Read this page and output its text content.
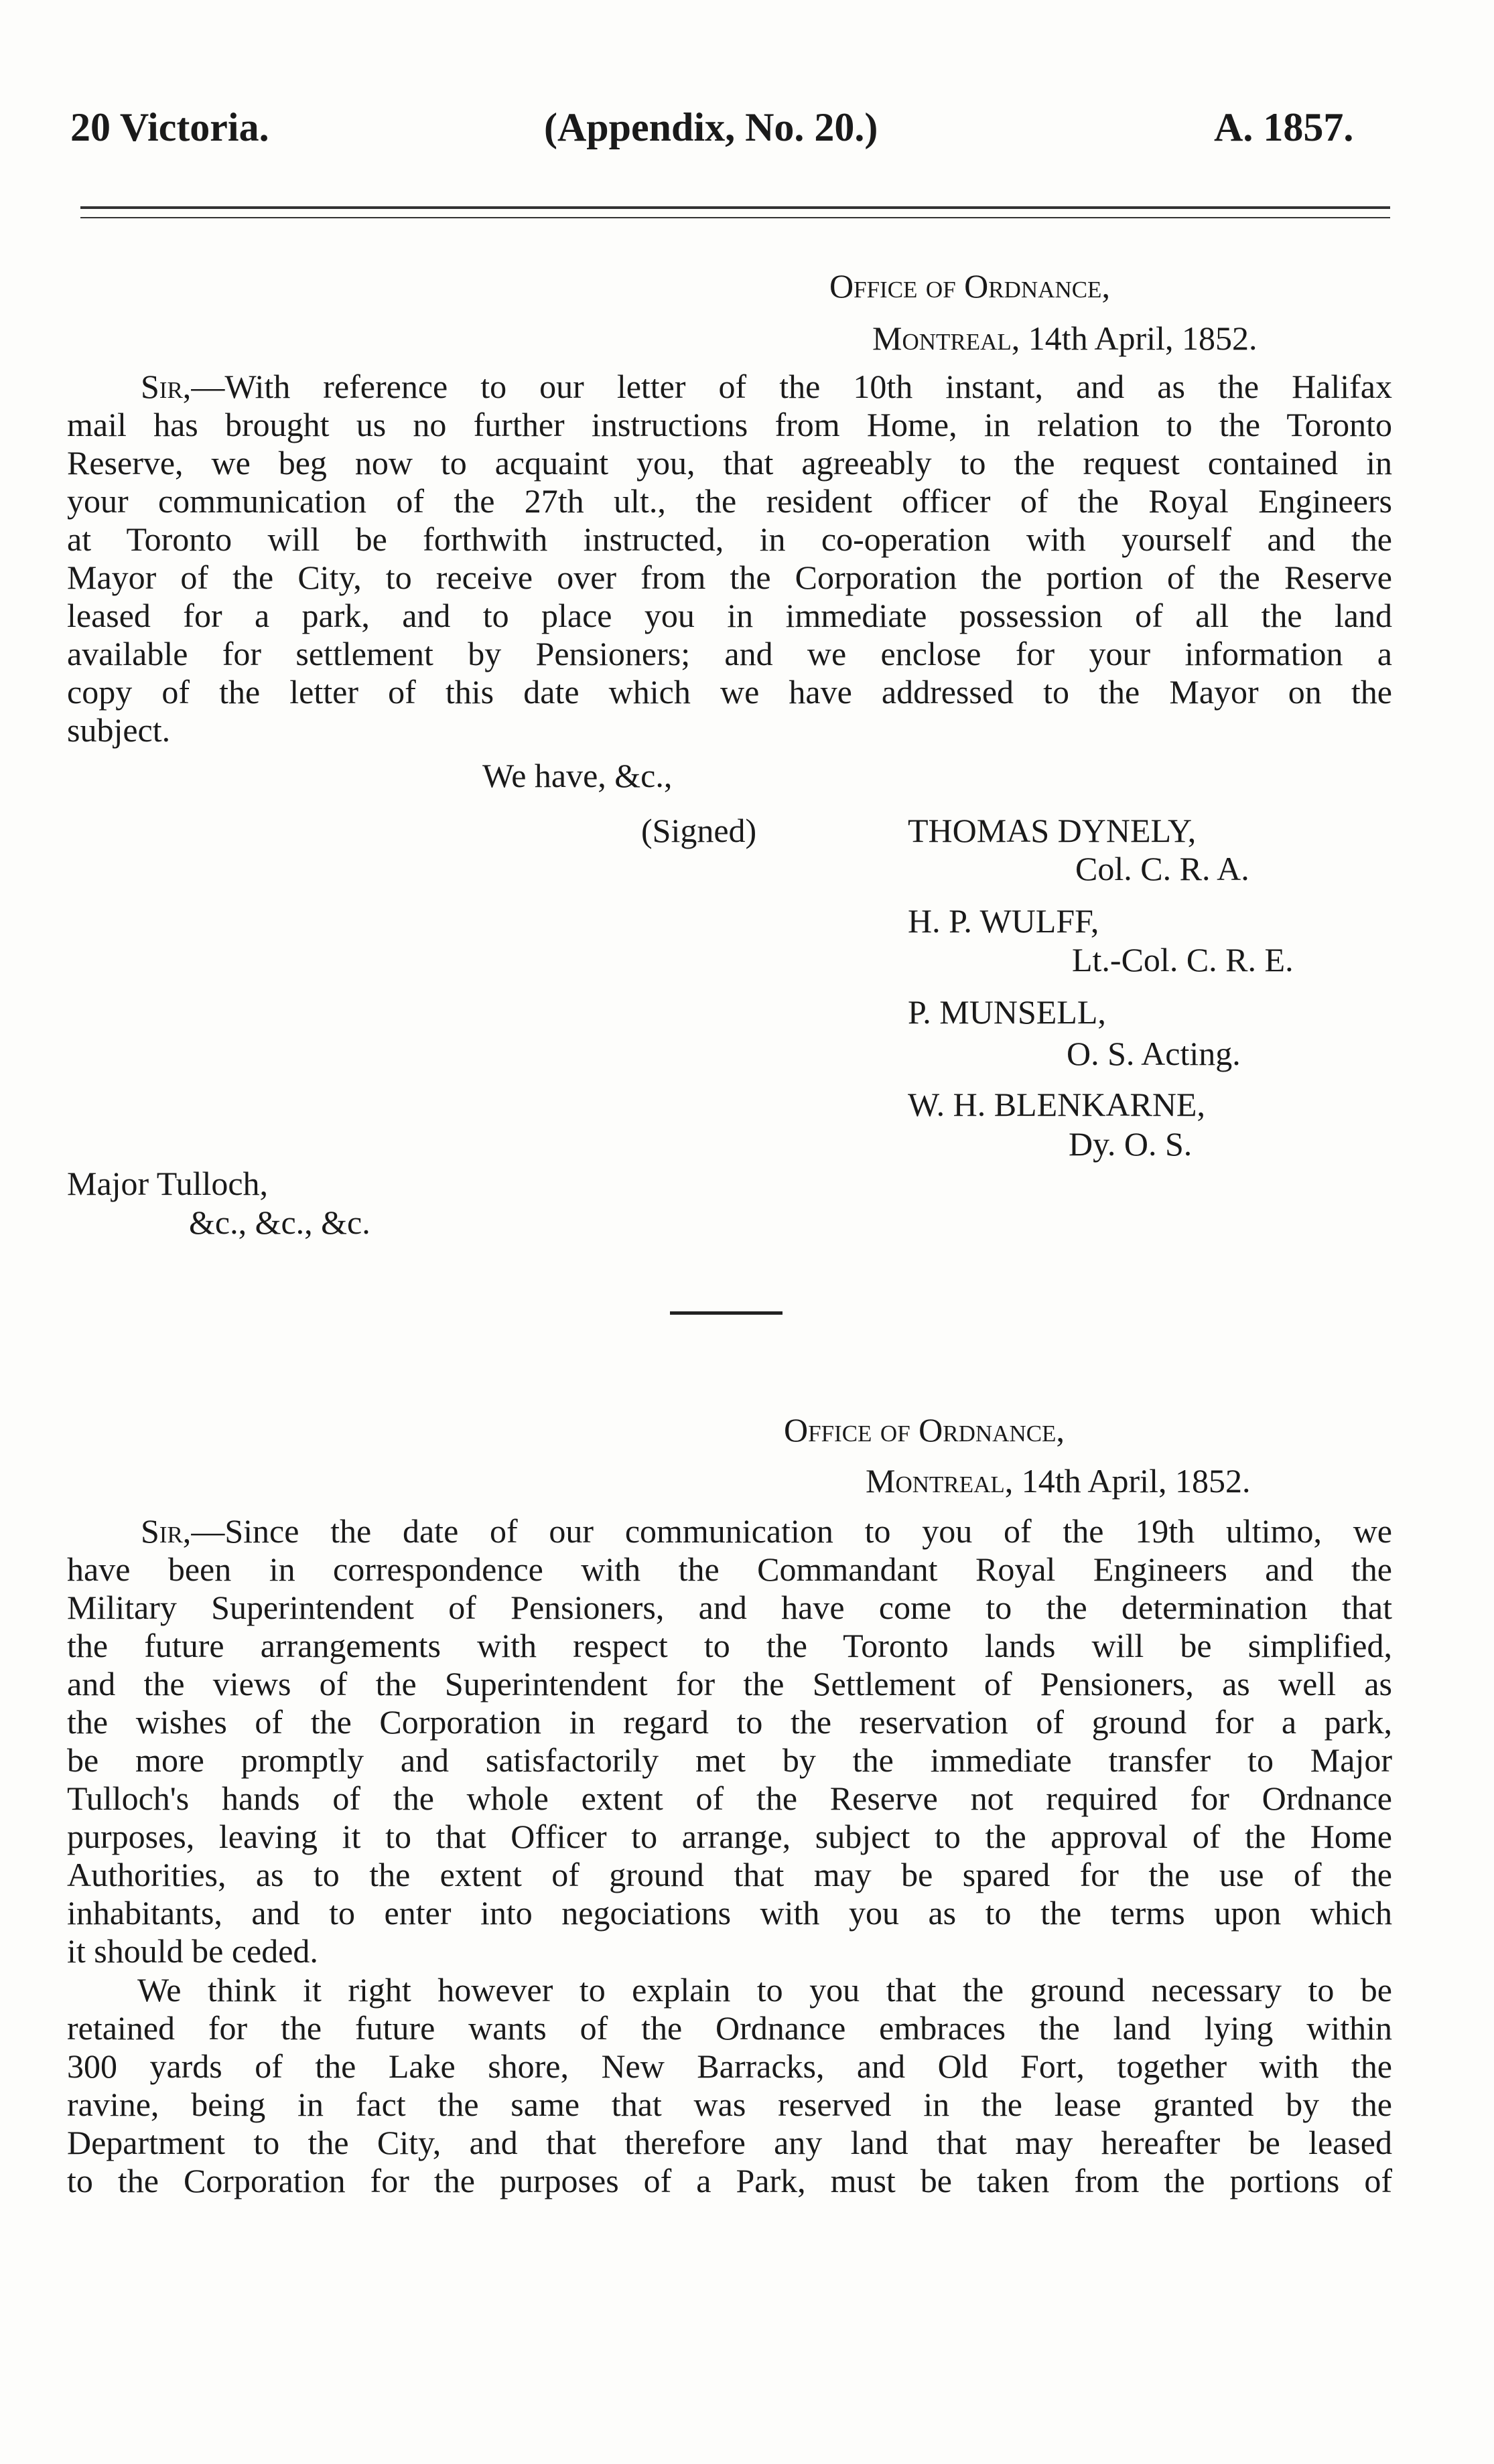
20 Victoria.	(Appendix, No. 20.)	A. 1857.
Office of Ordnance,
Montreal, 14th April, 1852.
Sir,—With reference to our letter of the 10th instant, and as the Halifax
mail has brought us no further instructions from Home, in relation to the Toronto
Reserve, we beg now to acquaint you, that agreeably to the request contained in
your communication of the 27th ult., the resident officer of the Royal Engineers
at Toronto will be forthwith instructed, in co-operation with yourself and the
Mayor of the City, to receive over from the Corporation the portion of the Reserve
leased for a park, and to place you in immediate possession of all the land
available for settlement by Pensioners; and we enclose for your information a
copy of the letter of this date which we have addressed to the Mayor on the
subject.
We have, &c.,
(Signed)	THOMAS DYNELY,
Col. C. R. A.
H. P. WULFF,
Lt.-Col. C. R. E.
P. MUNSELL,
O. S. Acting.
W. H. BLENKARNE,
Dy. O. S.
Major Tulloch,
&c., &c., &c.
Office of Ordnance,
Montreal, 14th April, 1852.
Sir,—Since the date of our communication to you of the 19th ultimo, we
have been in correspondence with the Commandant Royal Engineers and the
Military Superintendent of Pensioners, and have come to the determination that
the future arrangements with respect to the Toronto lands will be simplified,
and the views of the Superintendent for the Settlement of Pensioners, as well as
the wishes of the Corporation in regard to the reservation of ground for a park,
be more promptly and satisfactorily met by the immediate transfer to Major
Tulloch's hands of the whole extent of the Reserve not required for Ordnance
purposes, leaving it to that Officer to arrange, subject to the approval of the Home
Authorities, as to the extent of ground that may be spared for the use of the
inhabitants, and to enter into negociations with you as to the terms upon which
it should be ceded.
We think it right however to explain to you that the ground necessary to be
retained for the future wants of the Ordnance embraces the land lying within
300 yards of the Lake shore, New Barracks, and Old Fort, together with the
ravine, being in fact the same that was reserved in the lease granted by the
Department to the City, and that therefore any land that may hereafter be leased
to the Corporation for the purposes of a Park, must be taken from the portions of
